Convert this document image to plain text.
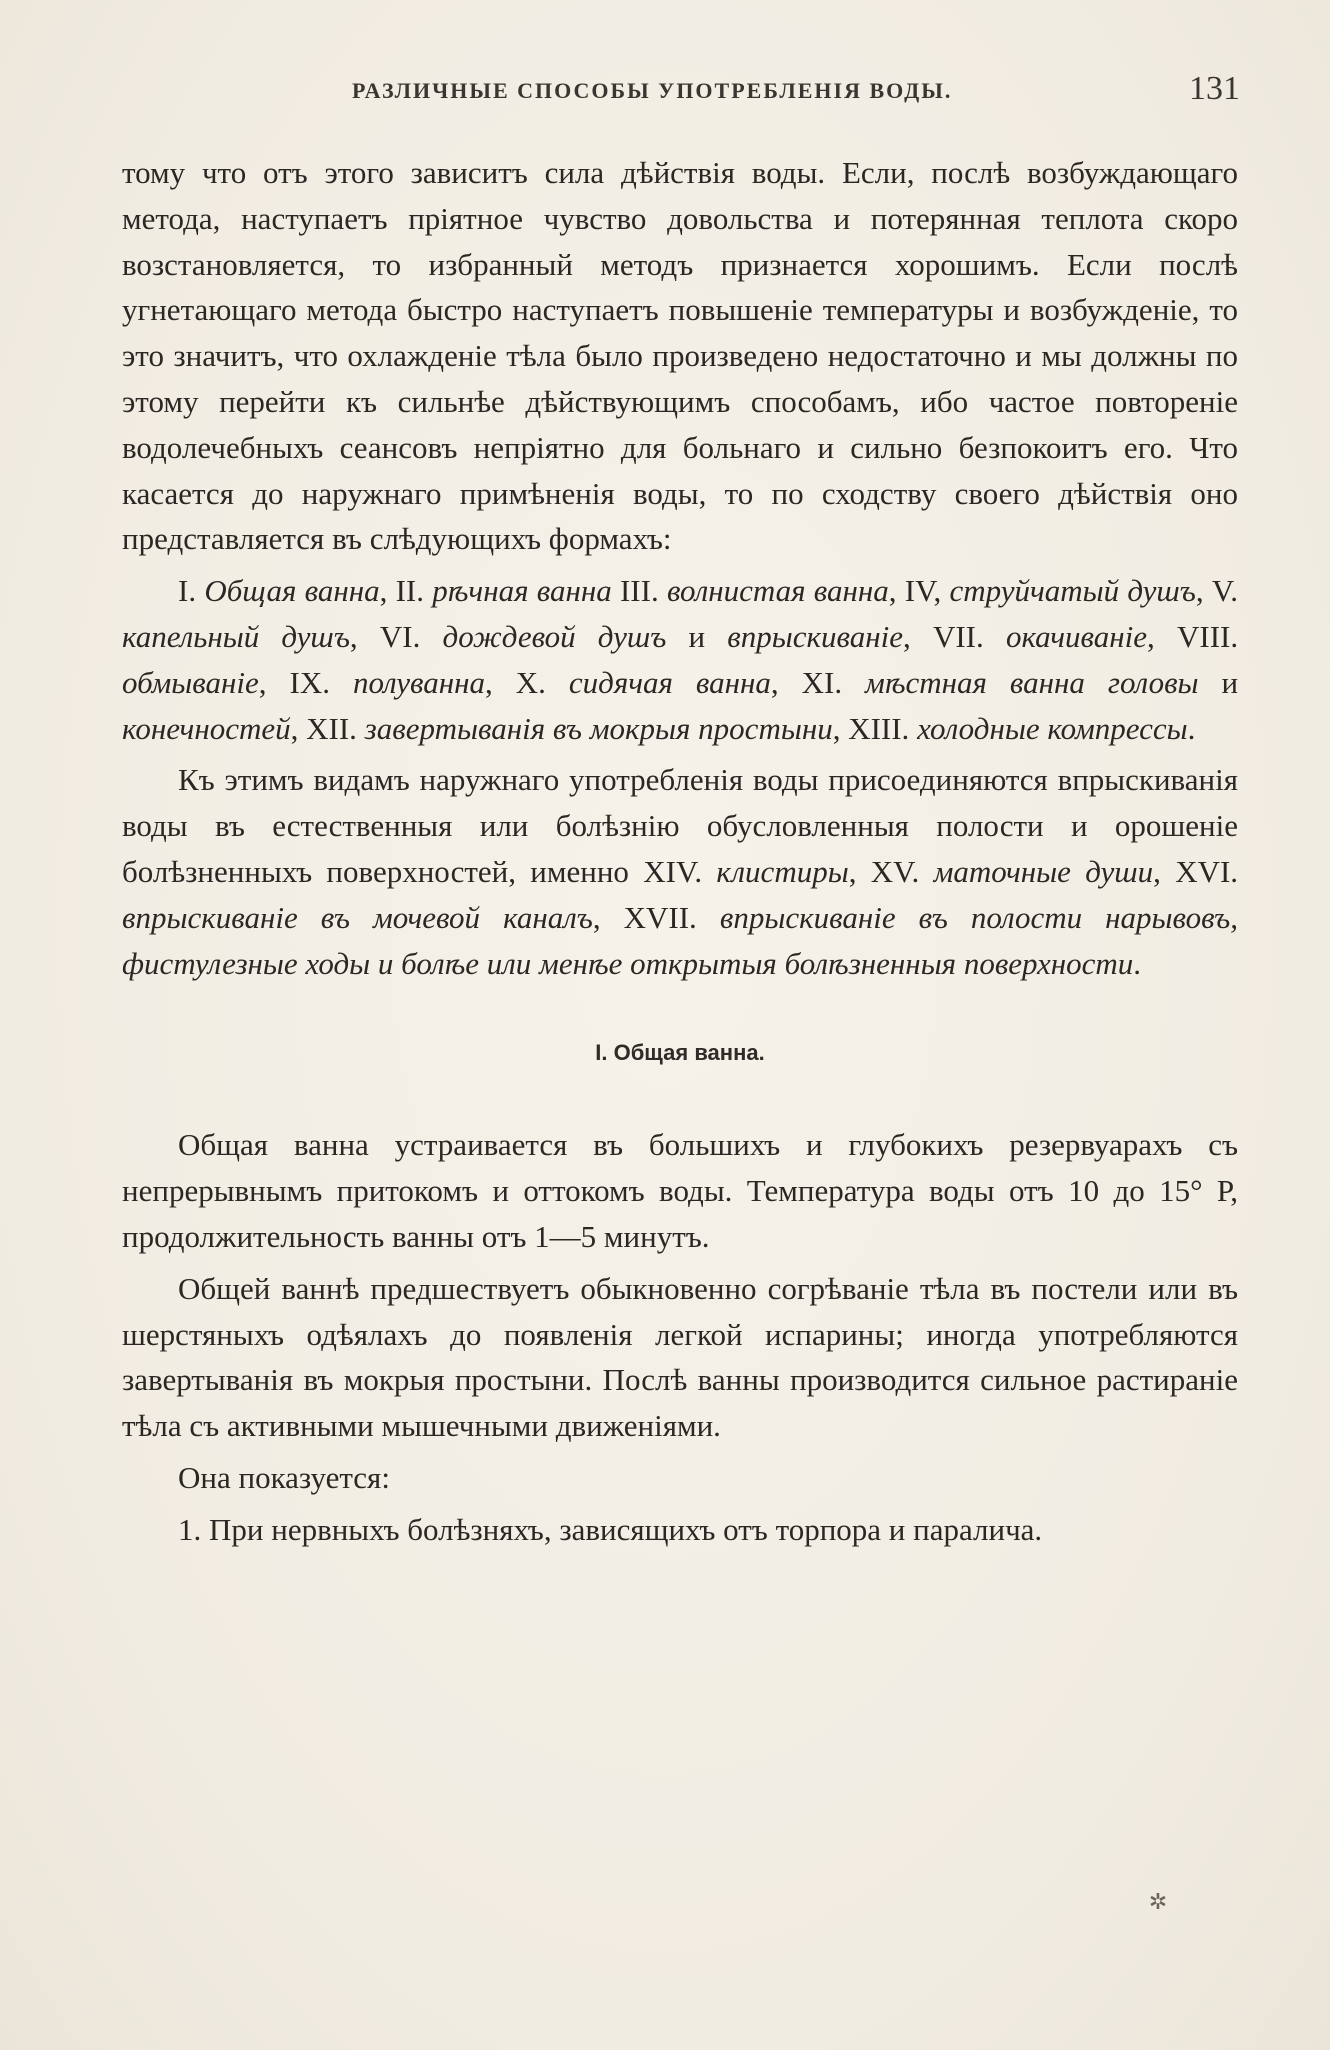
РАЗЛИЧНЫЕ СПОСОБЫ УПОТРЕБЛЕНІЯ ВОДЫ.	131

тому что отъ этого зависитъ сила дѣйствія воды. Если, послѣ возбуждающаго метода, наступаетъ пріятное чувство довольства и потерянная теплота скоро возстановляется, то избранный методъ признается хорошимъ. Если послѣ угнетающаго метода быстро наступаетъ повышеніе температуры и возбужденіе, то это значитъ, что охлажденіе тѣла было произведено недостаточно и мы должны по этому перейти къ сильнѣе дѣйствующимъ способамъ, ибо частое повтореніе водолечебныхъ сеансовъ непріятно для больнаго и сильно безпокоитъ его. Что касается до наружнаго примѣненія воды, то по сходству своего дѣйствія оно представляется въ слѣдующихъ формахъ:

I. Общая ванна, II. рѣчная ванна III. волнистая ванна, IV, струйчатый душъ, V. капельный душъ, VI. дождевой душъ и впрыскиваніе, VII. окачиваніе, VIII. обмываніе, IX. полуванна, X. сидячая ванна, XI. мѣстная ванна головы и конечностей, XII. завертыванія въ мокрыя простыни, XIII. холодные компрессы.

Къ этимъ видамъ наружнаго употребленія воды присоединяются впрыскиванія воды въ естественныя или болѣзнію обусловленныя полости и орошеніе болѣзненныхъ поверхностей, именно XIV. клистиры, XV. маточные души, XVI. впрыскиваніе въ мочевой каналъ, XVII. впрыскиваніе въ полости нарывовъ, фистулезные ходы и болѣе или менѣе открытыя болѣзненныя поверхности.

I. Общая ванна.

Общая ванна устраивается въ большихъ и глубокихъ резервуарахъ съ непрерывнымъ притокомъ и оттокомъ воды. Температура воды отъ 10 до 15° Р, продолжительность ванны отъ 1—5 минутъ.

Общей ваннѣ предшествуетъ обыкновенно согрѣваніе тѣла въ постели или въ шерстяныхъ одѣялахъ до появленія легкой испарины; иногда употребляются завертыванія въ мокрыя простыни. Послѣ ванны производится сильное растираніе тѣла съ активными мышечными движеніями.

Она показуется:

1. При нервныхъ болѣзняхъ, зависящихъ отъ торпора и паралича.

✲
